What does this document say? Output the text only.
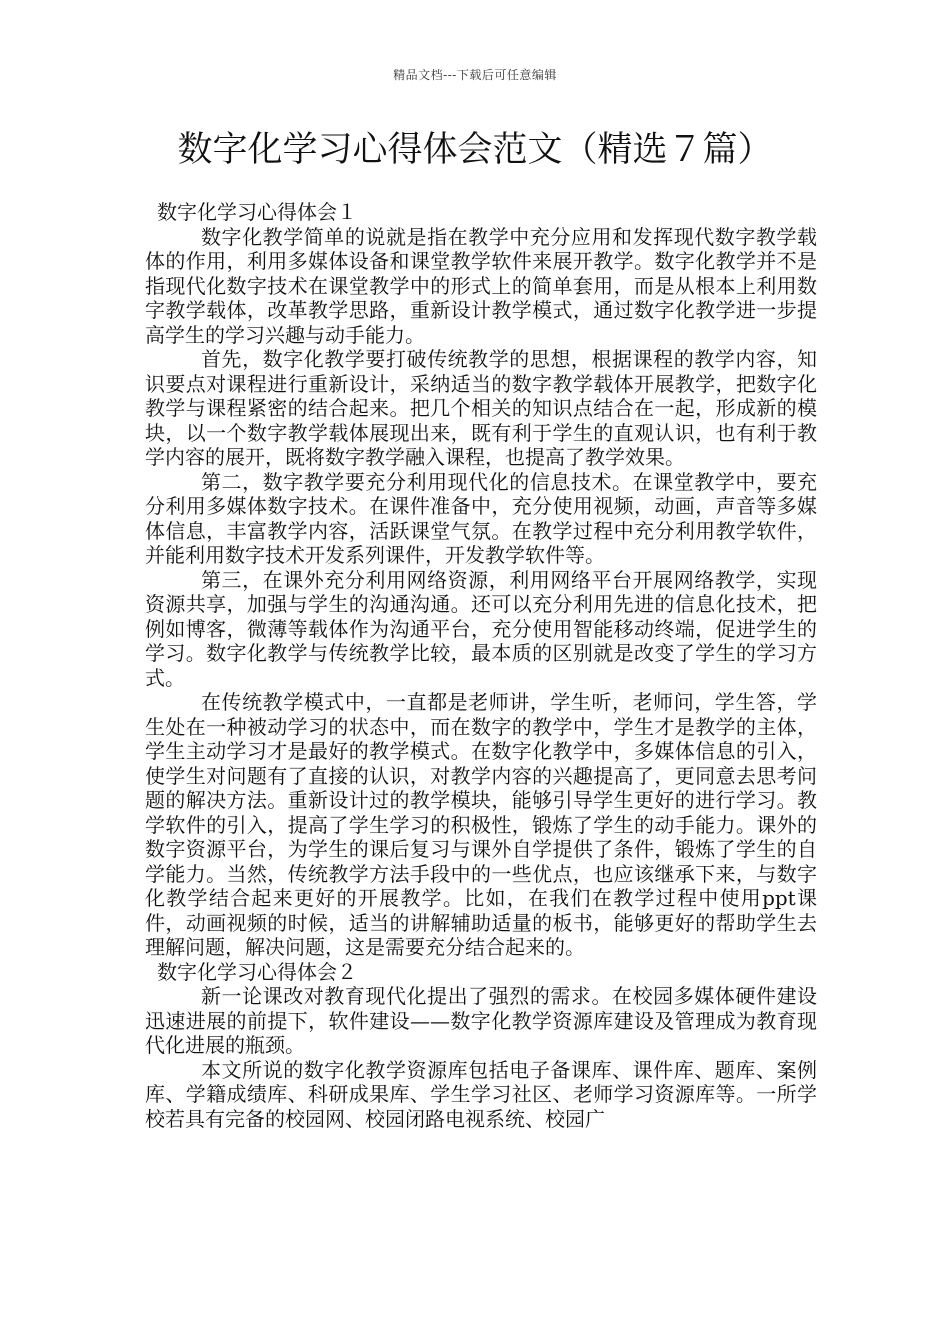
精品文档---下载后可任意编辑
数字化学习心得体会范文（精选７篇）
数字化学习心得体会１

数字化教学简单的说就是指在教学中充分应用和发挥现代数字教学载体的作用，利用多媒体设备和课堂教学软件来展开教学。数字化教学并不是指现代化数字技术在课堂教学中的形式上的简单套用，而是从根本上利用数字教学载体，改革教学思路，重新设计教学模式，通过数字化教学进一步提高学生的学习兴趣与动手能力。

首先，数字化教学要打破传统教学的思想，根据课程的教学内容，知识要点对课程进行重新设计，采纳适当的数字教学载体开展教学，把数字化教学与课程紧密的结合起来。把几个相关的知识点结合在一起，形成新的模块，以一个数字教学载体展现出来，既有利于学生的直观认识，也有利于教学内容的展开，既将数字教学融入课程，也提高了教学效果。

第二，数字教学要充分利用现代化的信息技术。在课堂教学中，要充分利用多媒体数字技术。在课件准备中，充分使用视频，动画，声音等多媒体信息，丰富教学内容，活跃课堂气氛。在教学过程中充分利用教学软件，并能利用数字技术开发系列课件，开发教学软件等。

第三，在课外充分利用网络资源，利用网络平台开展网络教学，实现资源共享，加强与学生的沟通沟通。还可以充分利用先进的信息化技术，把例如博客，微薄等载体作为沟通平台，充分使用智能移动终端，促进学生的学习。数字化教学与传统教学比较，最本质的区别就是改变了学生的学习方式。

在传统教学模式中，一直都是老师讲，学生听，老师问，学生答，学生处在一种被动学习的状态中，而在数字的教学中，学生才是教学的主体，学生主动学习才是最好的教学模式。在数字化教学中，多媒体信息的引入，使学生对问题有了直接的认识，对教学内容的兴趣提高了，更同意去思考问题的解决方法。重新设计过的教学模块，能够引导学生更好的进行学习。教学软件的引入，提高了学生学习的积极性，锻炼了学生的动手能力。课外的数字资源平台，为学生的课后复习与课外自学提供了条件，锻炼了学生的自学能力。当然，传统教学方法手段中的一些优点，也应该继承下来，与数字化教学结合起来更好的开展教学。比如，在我们在教学过程中使用ppt课件，动画视频的时候，适当的讲解辅助适量的板书，能够更好的帮助学生去理解问题，解决问题，这是需要充分结合起来的。

数字化学习心得体会２

新一论课改对教育现代化提出了强烈的需求。在校园多媒体硬件建设迅速进展的前提下，软件建设——数字化教学资源库建设及管理成为教育现代化进展的瓶颈。

本文所说的数字化教学资源库包括电子备课库、课件库、题库、案例库、学籍成绩库、科研成果库、学生学习社区、老师学习资源库等。一所学校若具有完备的校园网、校园闭路电视系统、校园广
